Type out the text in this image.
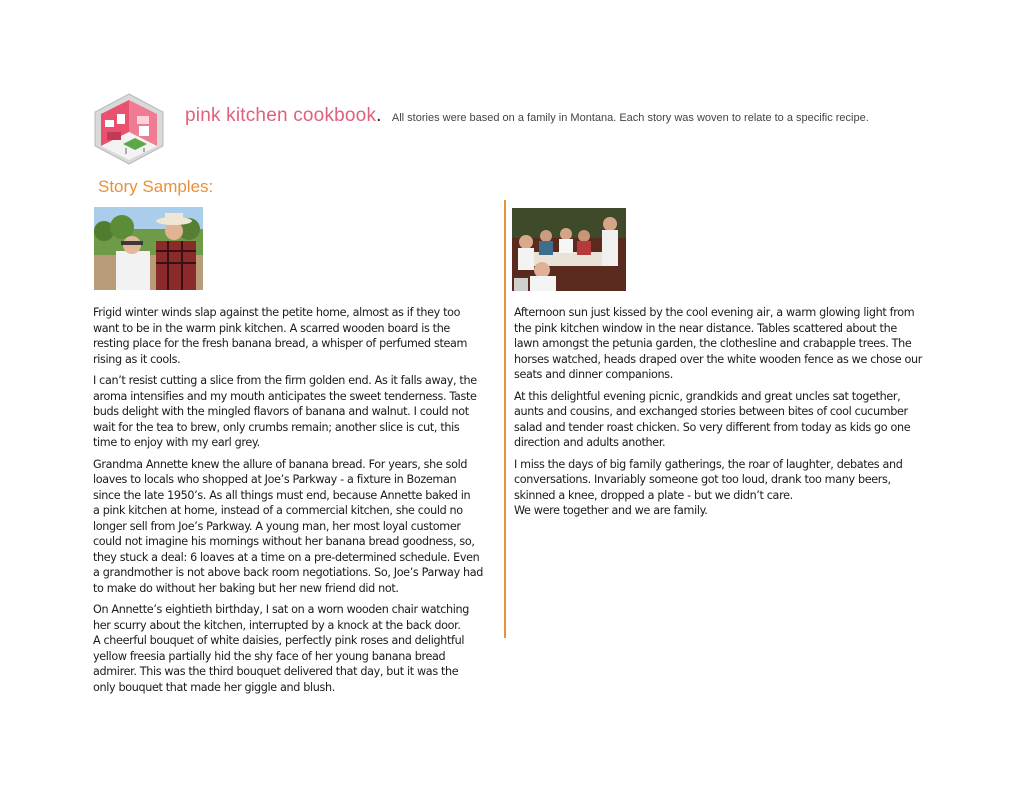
pink kitchen cookbook. All stories were based on a family in Montana. Each story was woven to relate to a specific recipe.
Story Samples:

Frigid winter winds slap against the petite home, almost as if they too
want to be in the warm pink kitchen. A scarred wooden board is the
resting place for the fresh banana bread, a whisper of perfumed steam
rising as it cools.

I can’t resist cutting a slice from the firm golden end. As it falls away, the
aroma intensifies and my mouth anticipates the sweet tenderness. Taste
buds delight with the mingled flavors of banana and walnut. I could not
wait for the tea to brew, only crumbs remain; another slice is cut, this
time to enjoy with my earl grey.

Grandma Annette knew the allure of banana bread. For years, she sold
loaves to locals who shopped at Joe’s Parkway - a fixture in Bozeman
since the late 1950’s. As all things must end, because Annette baked in
a pink kitchen at home, instead of a commercial kitchen, she could no
longer sell from Joe’s Parkway. A young man, her most loyal customer
could not imagine his mornings without her banana bread goodness, so,
they stuck a deal: 6 loaves at a time on a pre-determined schedule. Even
a grandmother is not above back room negotiations. So, Joe’s Parway had
to make do without her baking but her new friend did not.

On Annette’s eightieth birthday, I sat on a worn wooden chair watching
her scurry about the kitchen, interrupted by a knock at the back door.
A cheerful bouquet of white daisies, perfectly pink roses and delightful
yellow freesia partially hid the shy face of her young banana bread
admirer. This was the third bouquet delivered that day, but it was the
only bouquet that made her giggle and blush.

Afternoon sun just kissed by the cool evening air, a warm glowing light from
the pink kitchen window in the near distance. Tables scattered about the
lawn amongst the petunia garden, the clothesline and crabapple trees. The
horses watched, heads draped over the white wooden fence as we chose our
seats and dinner companions.

At this delightful evening picnic, grandkids and great uncles sat together,
aunts and cousins, and exchanged stories between bites of cool cucumber
salad and tender roast chicken. So very different from today as kids go one
direction and adults another.

I miss the days of big family gatherings, the roar of laughter, debates and
conversations. Invariably someone got too loud, drank too many beers,
skinned a knee, dropped a plate - but we didn’t care.
We were together and we are family.
